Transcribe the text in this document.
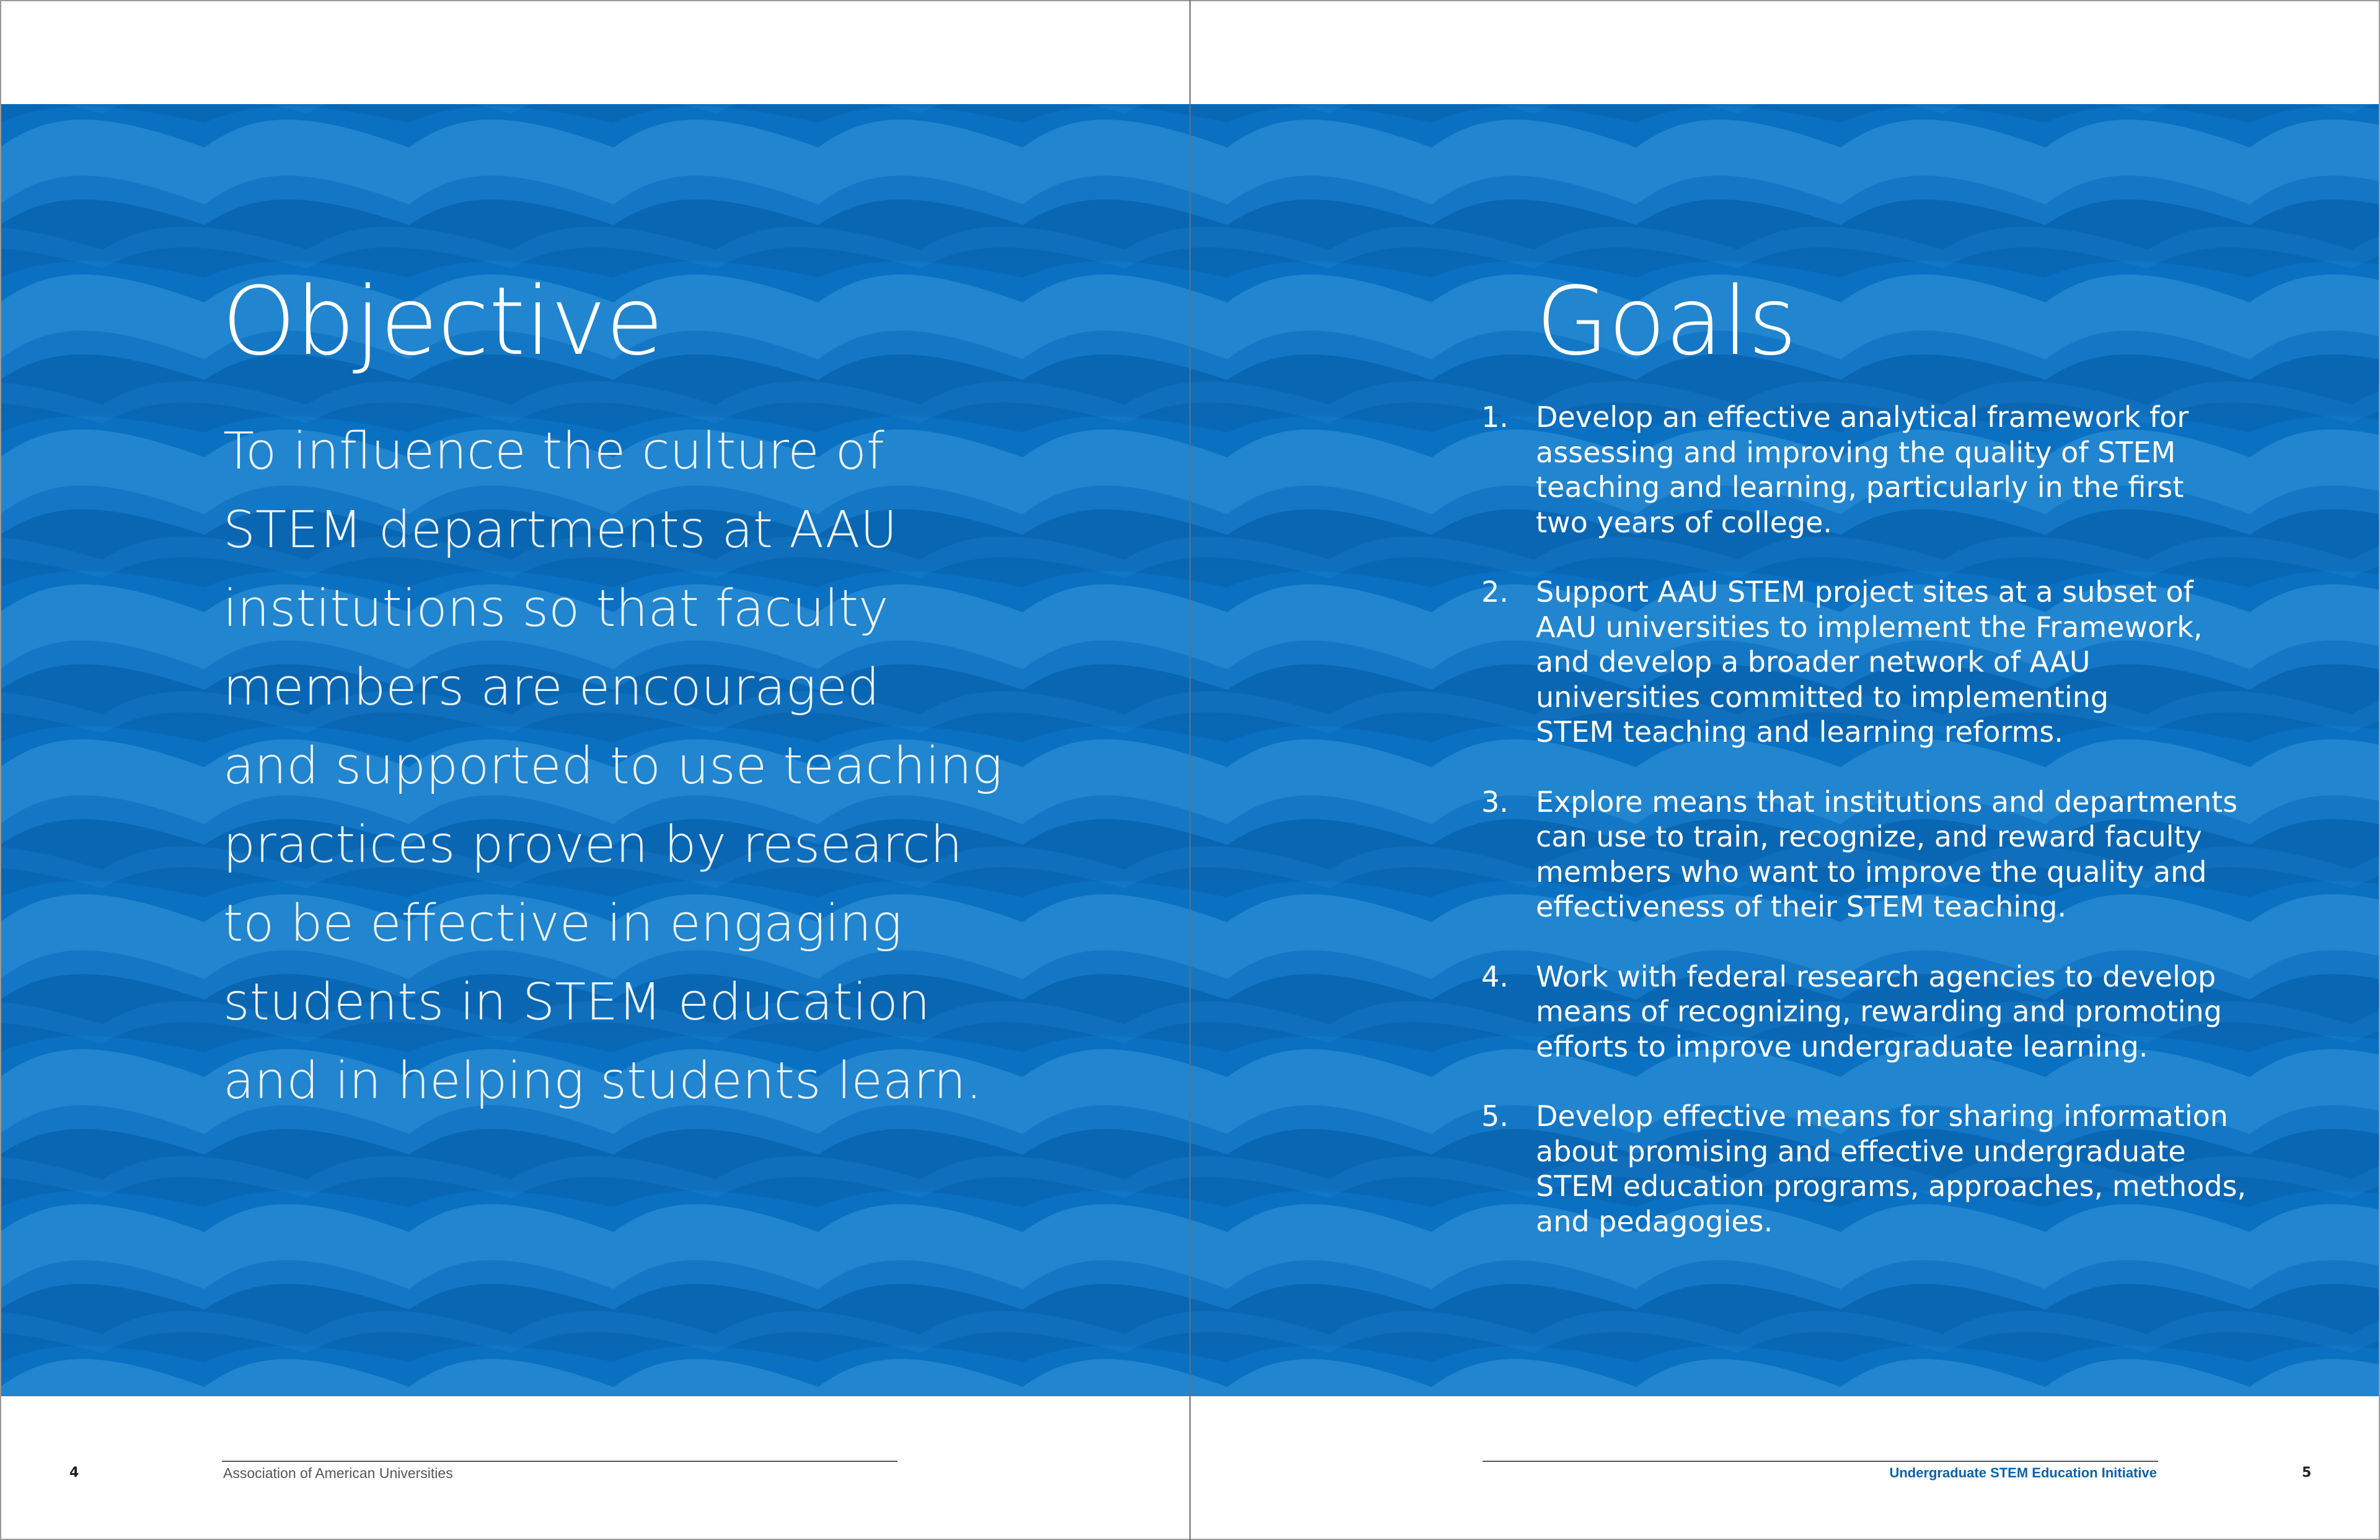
Objective
To influence the culture of
STEM departments at AAU
institutions so that faculty
members are encouraged
and supported to use teaching
practices proven by research
to be effective in engaging
students in STEM education
and in helping students learn.
Goals
1. Develop an effective analytical framework for
assessing and improving the quality of STEM
teaching and learning, particularly in the first
two years of college.
2. Support AAU STEM project sites at a subset of
AAU universities to implement the Framework,
and develop a broader network of AAU
universities committed to implementing
STEM teaching and learning reforms.
3. Explore means that institutions and departments
can use to train, recognize, and reward faculty
members who want to improve the quality and
effectiveness of their STEM teaching.
4. Work with federal research agencies to develop
means of recognizing, rewarding and promoting
efforts to improve undergraduate learning.
5. Develop effective means for sharing information
about promising and effective undergraduate
STEM education programs, approaches, methods,
and pedagogies.
4	Association of American Universities	Undergraduate STEM Education Initiative	5
